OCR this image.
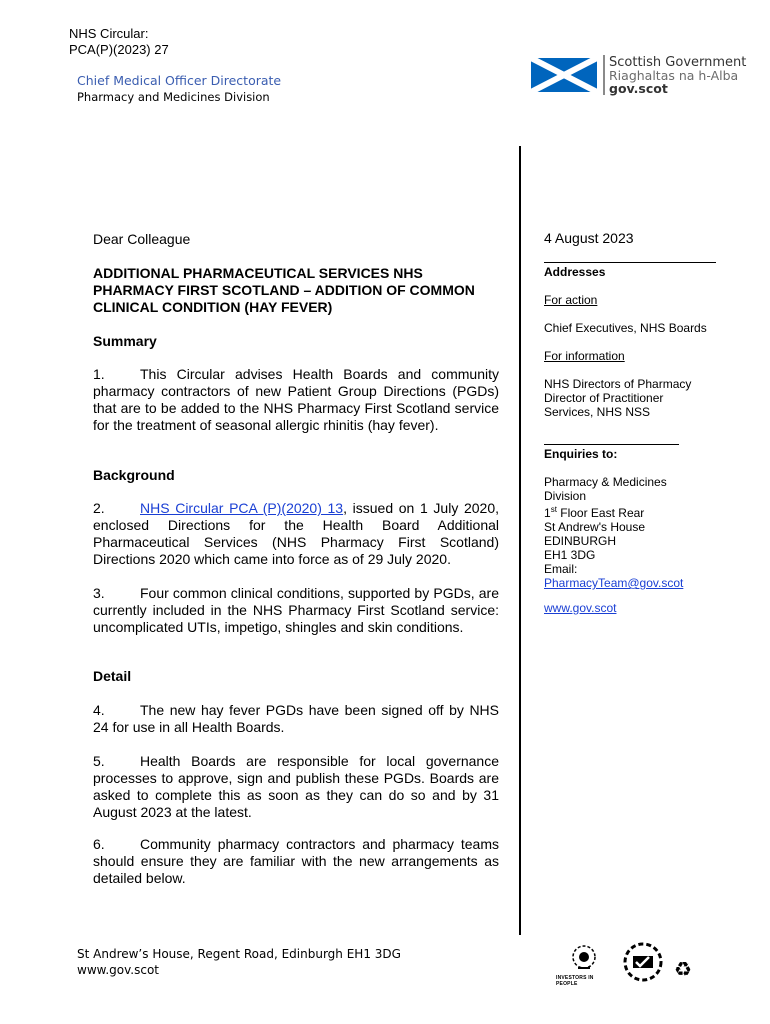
NHS Circular:
PCA(P)(2023) 27
Chief Medical Officer Directorate
Pharmacy and Medicines Division
Scottish Government
Riaghaltas na h-Alba
gov.scot
Dear Colleague
ADDITIONAL PHARMACEUTICAL SERVICES NHS PHARMACY FIRST SCOTLAND – ADDITION OF COMMON CLINICAL CONDITION (HAY FEVER)
Summary
1.	This Circular advises Health Boards and community pharmacy contractors of new Patient Group Directions (PGDs) that are to be added to the NHS Pharmacy First Scotland service for the treatment of seasonal allergic rhinitis (hay fever).
Background
2.	NHS Circular PCA (P)(2020) 13, issued on 1 July 2020, enclosed Directions for the Health Board Additional Pharmaceutical Services (NHS Pharmacy First Scotland) Directions 2020 which came into force as of 29 July 2020.
3.	Four common clinical conditions, supported by PGDs, are currently included in the NHS Pharmacy First Scotland service: uncomplicated UTIs, impetigo, shingles and skin conditions.
Detail
4.	The new hay fever PGDs have been signed off by NHS 24 for use in all Health Boards.
5.	Health Boards are responsible for local governance processes to approve, sign and publish these PGDs. Boards are asked to complete this as soon as they can do so and by 31 August 2023 at the latest.
6.	Community pharmacy contractors and pharmacy teams should ensure they are familiar with the new arrangements as detailed below.
4 August 2023
Addresses
For action
Chief Executives, NHS Boards
For information
NHS Directors of Pharmacy
Director of Practitioner
Services, NHS NSS
Enquiries to:
Pharmacy & Medicines
Division
1st Floor East Rear
St Andrew's House
EDINBURGH
EH1 3DG
Email:
PharmacyTeam@gov.scot
www.gov.scot
St Andrew’s House, Regent Road, Edinburgh EH1 3DG
www.gov.scot
INVESTORS IN PEOPLE
♻
